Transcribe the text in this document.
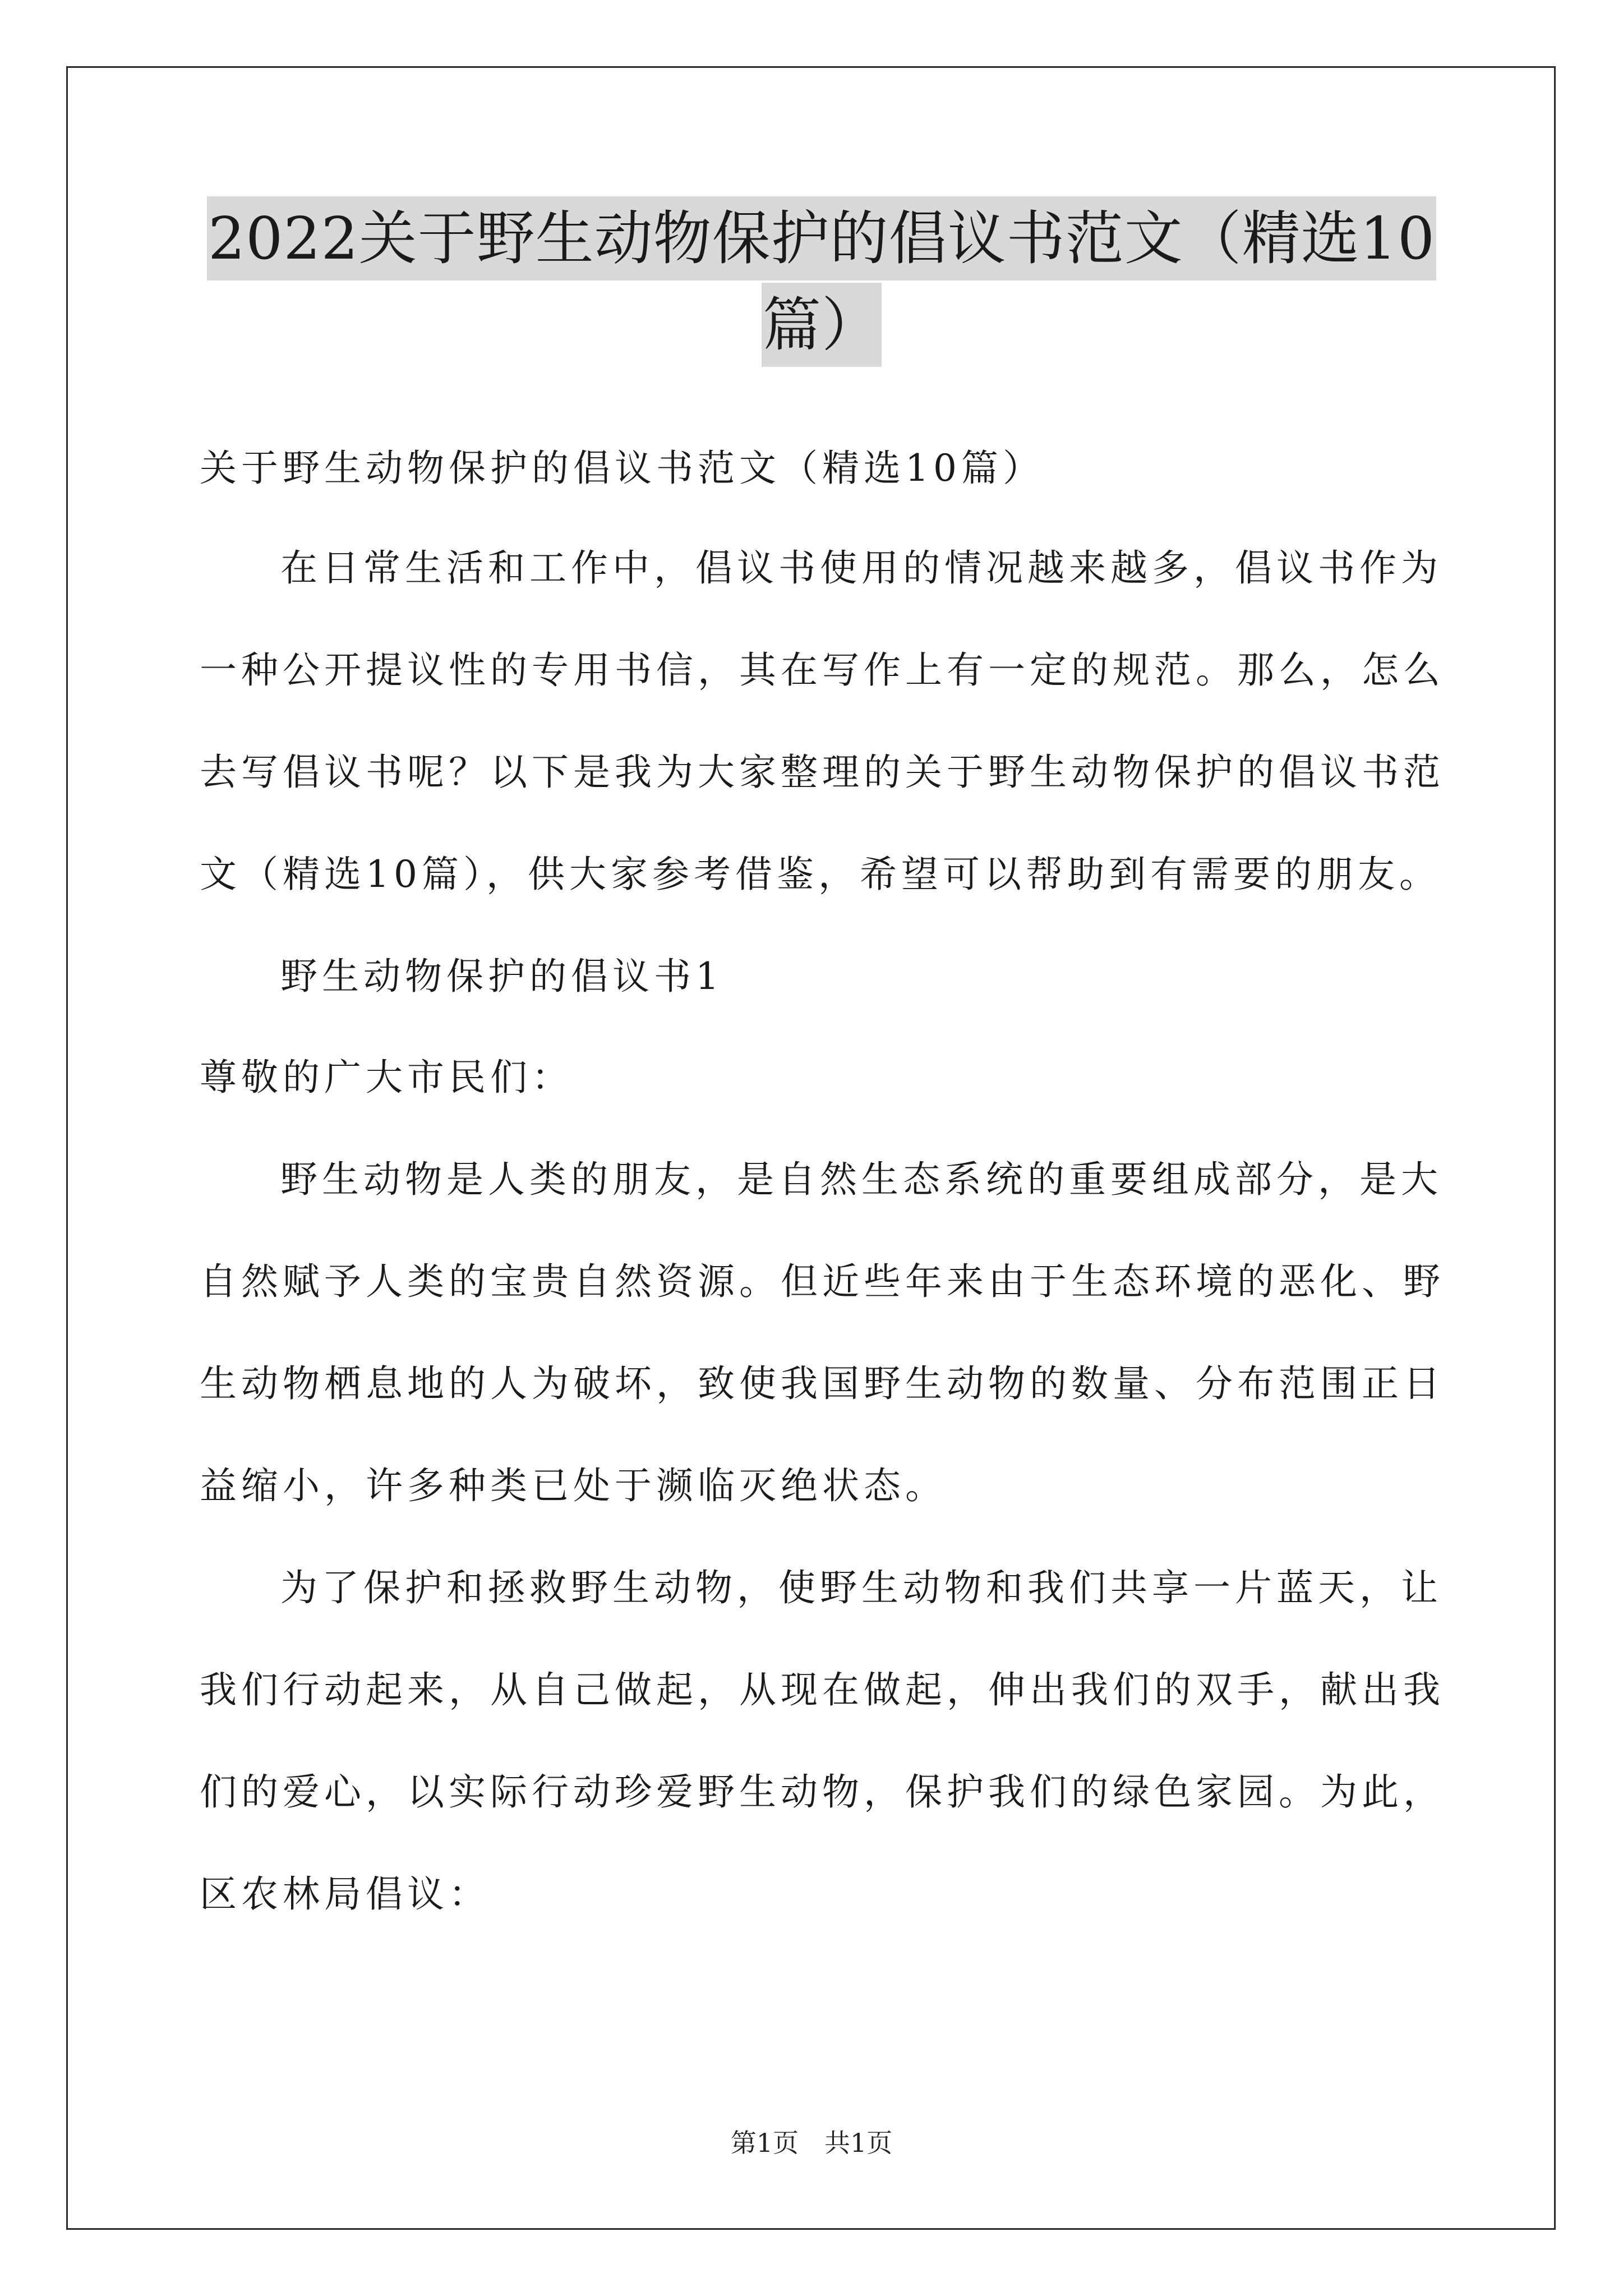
2022关于野生动物保护的倡议书范文（精选10
篇）
关于野生动物保护的倡议书范文（精选10篇）
在日常生活和工作中，倡议书使用的情况越来越多，倡议书作为
一种公开提议性的专用书信，其在写作上有一定的规范。那么，怎么
去写倡议书呢？以下是我为大家整理的关于野生动物保护的倡议书范
文（精选10篇），供大家参考借鉴，希望可以帮助到有需要的朋友。
野生动物保护的倡议书1
尊敬的广大市民们：
野生动物是人类的朋友，是自然生态系统的重要组成部分，是大
自然赋予人类的宝贵自然资源。但近些年来由于生态环境的恶化、野
生动物栖息地的人为破坏，致使我国野生动物的数量、分布范围正日
益缩小，许多种类已处于濒临灭绝状态。
为了保护和拯救野生动物，使野生动物和我们共享一片蓝天，让
我们行动起来，从自己做起，从现在做起，伸出我们的双手，献出我
们的爱心，以实际行动珍爱野生动物，保护我们的绿色家园。为此，
区农林局倡议：
第1页　共1页
